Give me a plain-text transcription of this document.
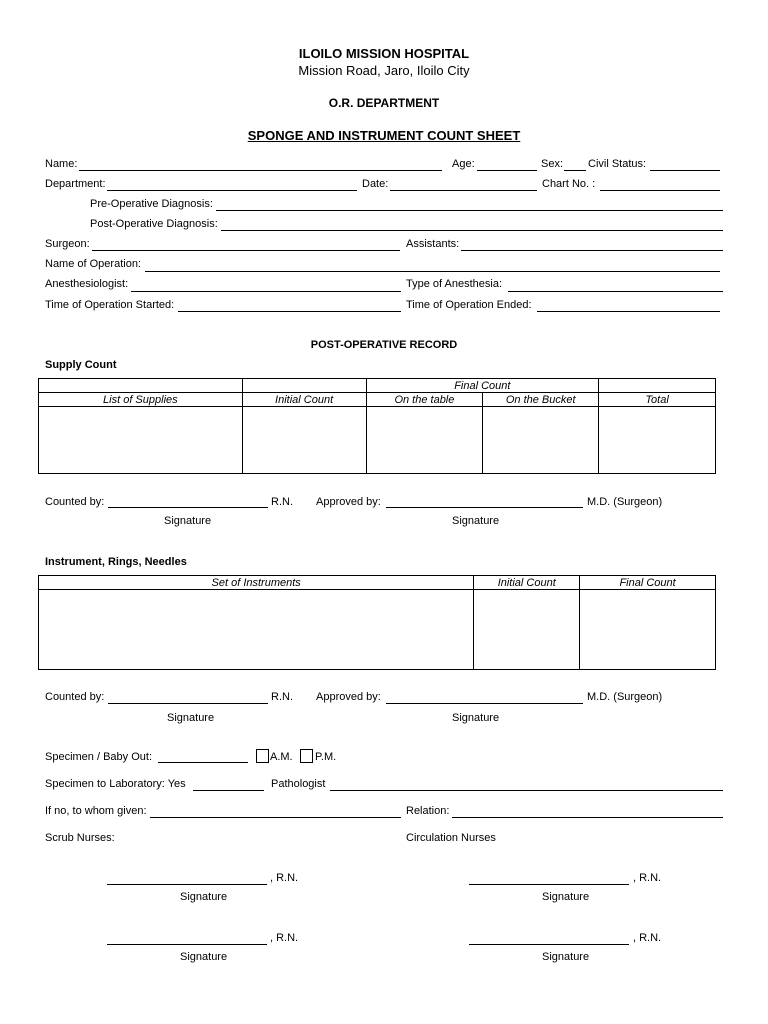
ILOILO MISSION HOSPITAL
Mission Road, Jaro, Iloilo City
O.R. DEPARTMENT
SPONGE AND INSTRUMENT COUNT SHEET
Name:	Age:	Sex: Civil Status:
Department:	Date:	Chart No. :
Pre-Operative Diagnosis:
Post-Operative Diagnosis:
Surgeon:	Assistants:
Name of Operation:
Anesthesiologist:	Type of Anesthesia:
Time of Operation Started:	Time of Operation Ended:
POST-OPERATIVE RECORD
Supply Count
		Final Count		
List of Supplies	Initial Count	On the table	On the Bucket	Total

Counted by:	R.N. Approved by:	M.D. (Surgeon)
Signature	Signature
Instrument, Rings, Needles
Set of Instruments	Initial Count	Final Count

Counted by:	R.N. Approved by:	M.D. (Surgeon)
Signature	Signature
Specimen / Baby Out:	A.M. P.M.
Specimen to Laboratory: Yes	Pathologist
If no, to whom given:	Relation:
Scrub Nurses:	Circulation Nurses
, R.N.
Signature
, R.N.
Signature
, R.N.
Signature
, R.N.
Signature
